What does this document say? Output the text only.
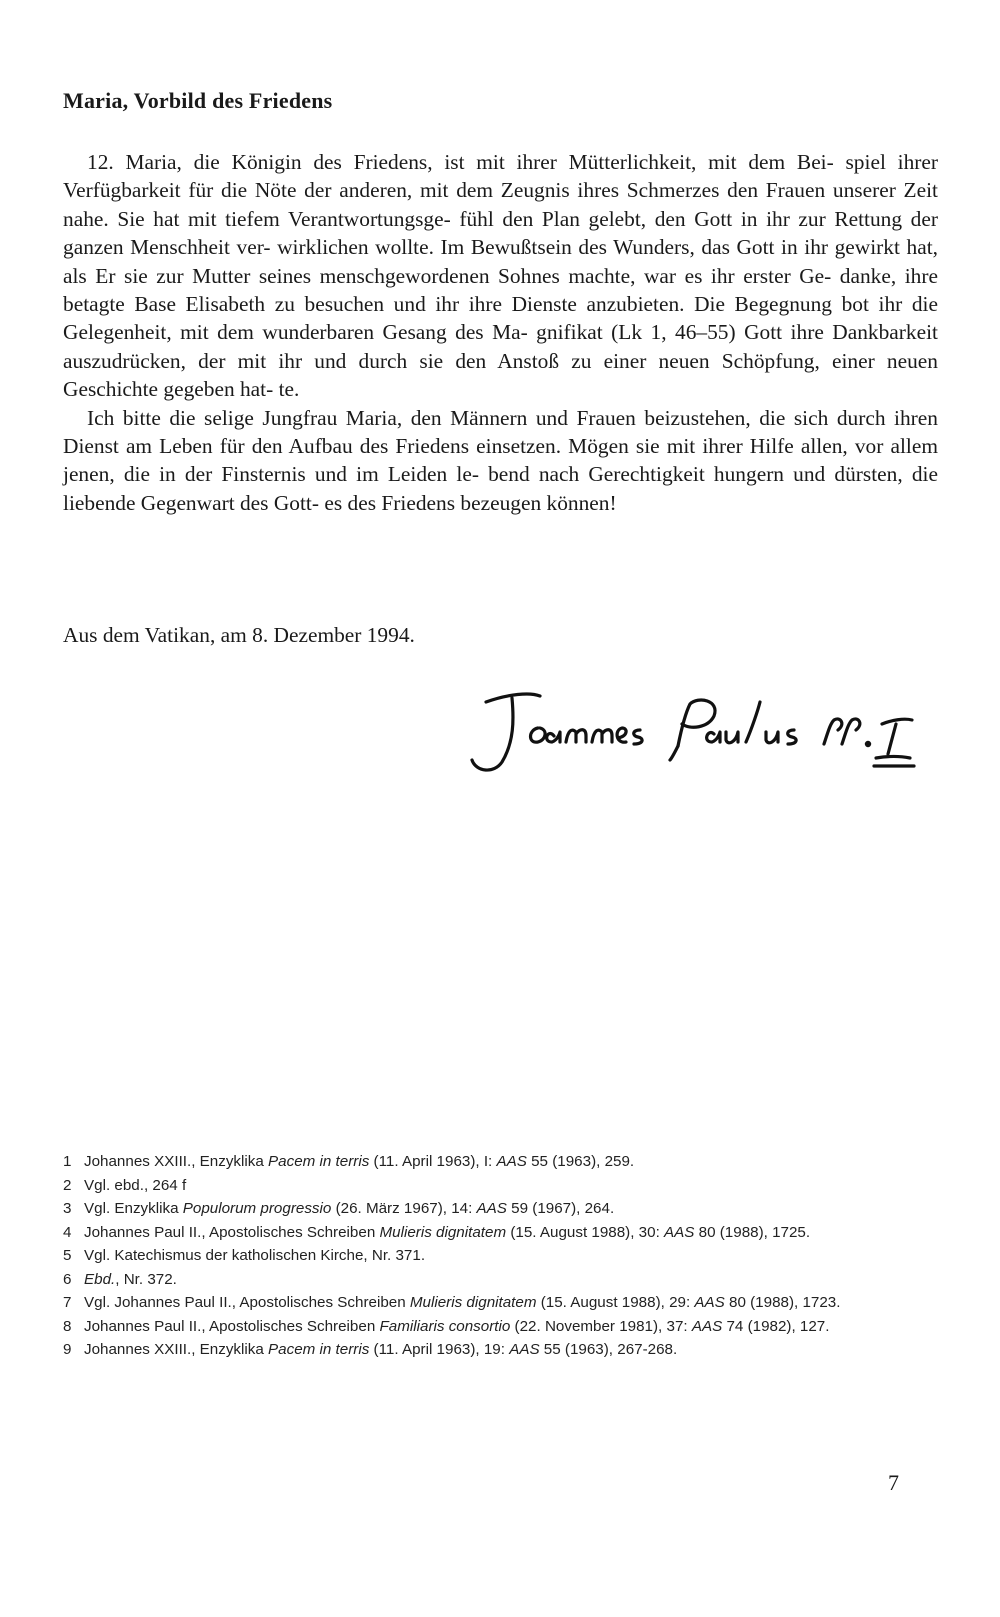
Maria, Vorbild des Friedens

12. Maria, die Königin des Friedens, ist mit ihrer Mütterlichkeit, mit dem Bei- spiel ihrer Verfügbarkeit für die Nöte der anderen, mit dem Zeugnis ihres Schmerzes den Frauen unserer Zeit nahe. Sie hat mit tiefem Verantwortungsge- fühl den Plan gelebt, den Gott in ihr zur Rettung der ganzen Menschheit ver- wirklichen wollte. Im Bewußtsein des Wunders, das Gott in ihr gewirkt hat, als Er sie zur Mutter seines menschgewordenen Sohnes machte, war es ihr erster Ge- danke, ihre betagte Base Elisabeth zu besuchen und ihr ihre Dienste anzubieten. Die Begegnung bot ihr die Gelegenheit, mit dem wunderbaren Gesang des Ma- gnifikat (Lk 1, 46–55) Gott ihre Dankbarkeit auszudrücken, der mit ihr und durch sie den Anstoß zu einer neuen Schöpfung, einer neuen Geschichte gegeben hat- te.

Ich bitte die selige Jungfrau Maria, den Männern und Frauen beizustehen, die sich durch ihren Dienst am Leben für den Aufbau des Friedens einsetzen. Mögen sie mit ihrer Hilfe allen, vor allem jenen, die in der Finsternis und im Leiden le- bend nach Gerechtigkeit hungern und dürsten, die liebende Gegenwart des Gott- es des Friedens bezeugen können!

Aus dem Vatikan, am 8. Dezember 1994.
1 Johannes XXIII., Enzyklika Pacem in terris (11. April 1963), I: AAS 55 (1963), 259.
2 Vgl. ebd., 264 f
3 Vgl. Enzyklika Populorum progressio (26. März 1967), 14: AAS 59 (1967), 264.
4 Johannes Paul II., Apostolisches Schreiben Mulieris dignitatem (15. August 1988), 30: AAS 80 (1988), 1725.
5 Vgl. Katechismus der katholischen Kirche, Nr. 371.
6 Ebd., Nr. 372.
7 Vgl. Johannes Paul II., Apostolisches Schreiben Mulieris dignitatem (15. August 1988), 29: AAS 80 (1988), 1723.
8 Johannes Paul II., Apostolisches Schreiben Familiaris consortio (22. November 1981), 37: AAS 74 (1982), 127.
9 Johannes XXIII., Enzyklika Pacem in terris (11. April 1963), 19: AAS 55 (1963), 267-268.
7
